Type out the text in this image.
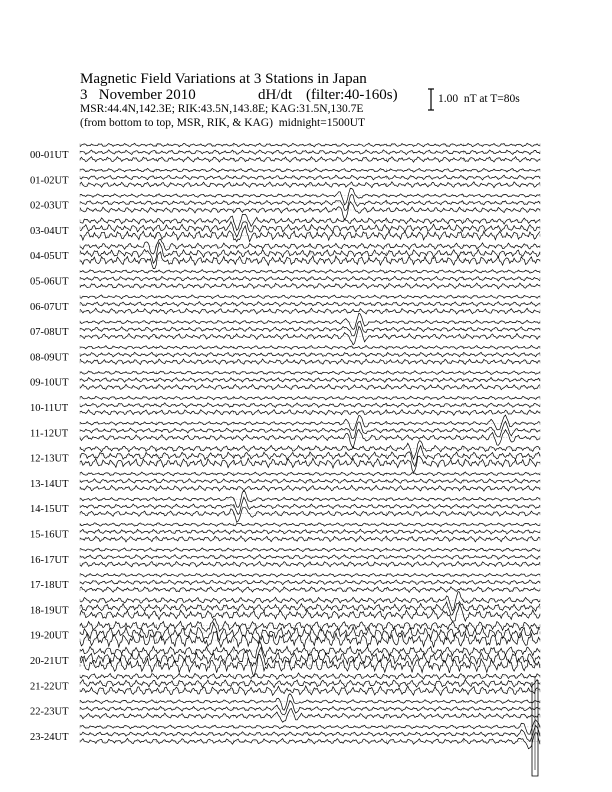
Magnetic Field Variations at 3 Stations in Japan
3   November 2010	dH/dt (filter:40-160s)
MSR:44.4N,142.3E; RIK:43.5N,143.8E; KAG:31.5N,130.7E
(from bottom to top, MSR, RIK, & KAG)  midnight=1500UT
1.00  nT at T=80s
00-01UT
01-02UT
02-03UT
03-04UT
04-05UT
05-06UT
06-07UT
07-08UT
08-09UT
09-10UT
10-11UT
11-12UT
12-13UT
13-14UT
14-15UT
15-16UT
16-17UT
17-18UT
18-19UT
19-20UT
20-21UT
21-22UT
22-23UT
23-24UT
